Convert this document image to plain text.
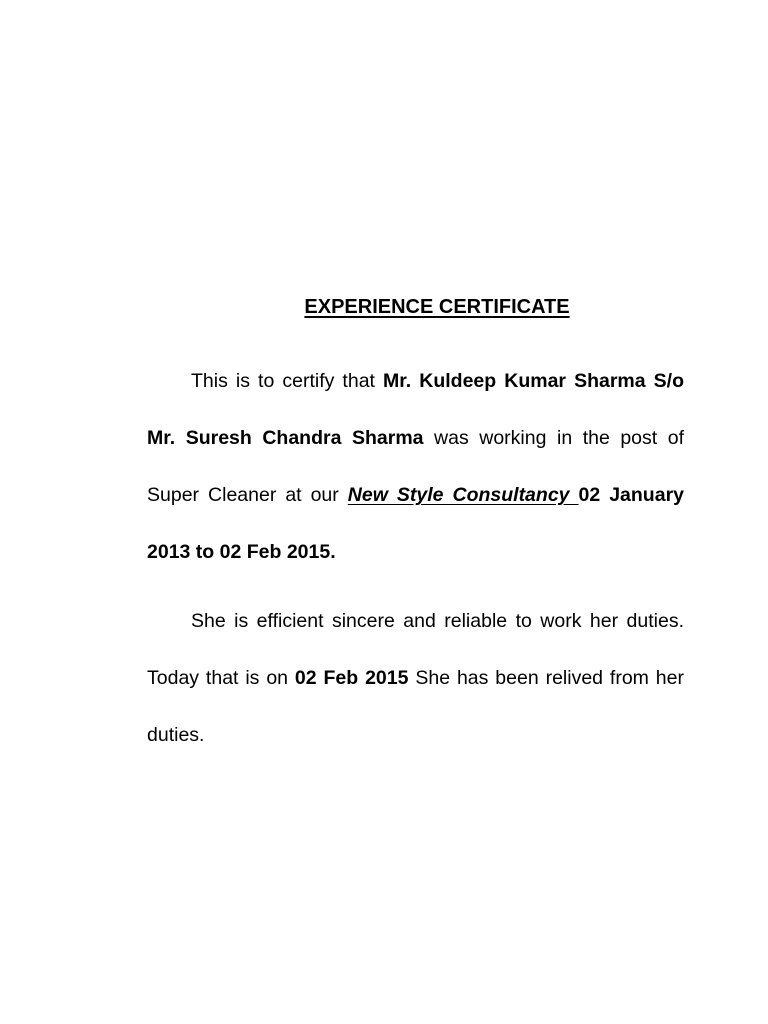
EXPERIENCE CERTIFICATE
This is to certify that Mr. Kuldeep Kumar Sharma S/o Mr. Suresh Chandra Sharma was working in the post of Super Cleaner at our New Style Consultancy 02 January 2013 to 02 Feb 2015.
She is efficient sincere and reliable to work her duties. Today that is on 02 Feb 2015 She has been relived from her duties.
